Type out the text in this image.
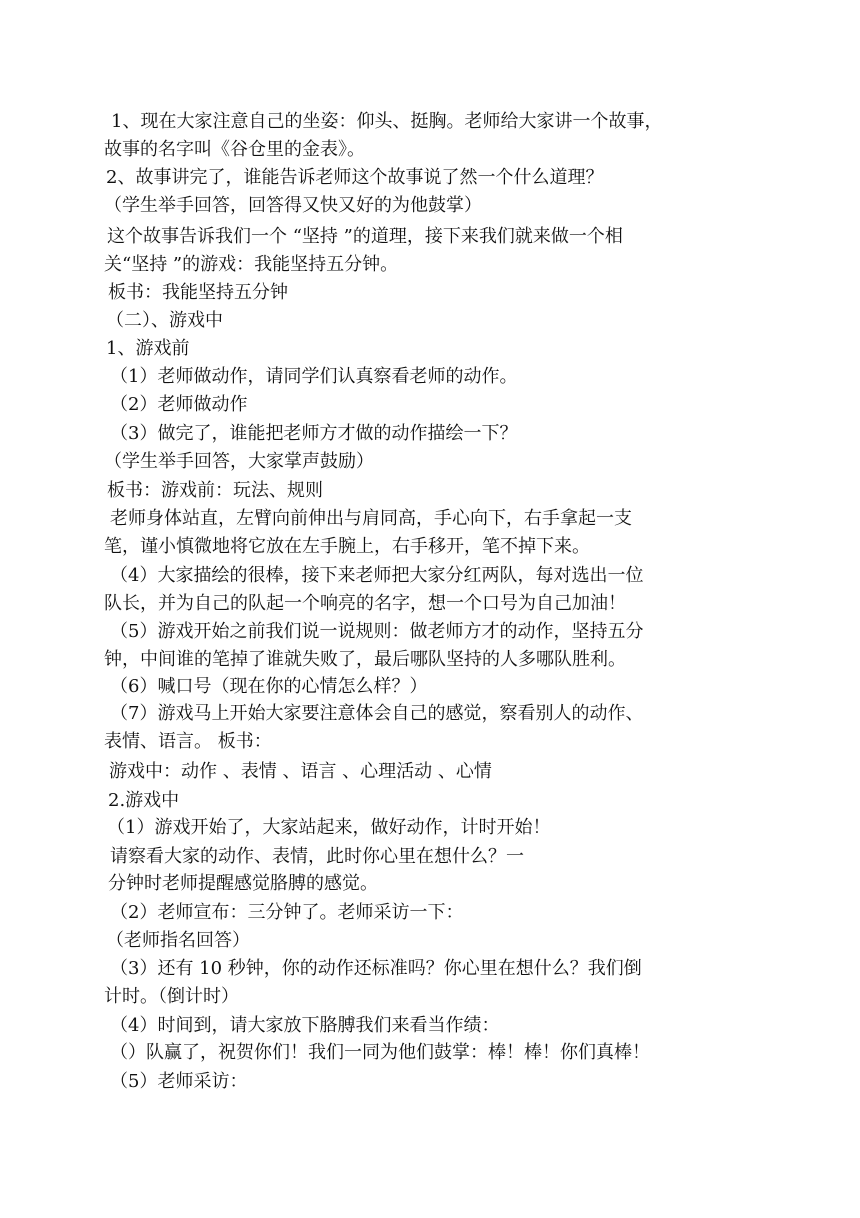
1、现在大家注意自己的坐姿：仰头、挺胸。老师给大家讲一个故事，
故事的名字叫《谷仓里的金表》。
2、故事讲完了，谁能告诉老师这个故事说了然一个什么道理？
（学生举手回答，回答得又快又好的为他鼓掌）
这个故事告诉我们一个 “坚持 ”的道理，接下来我们就来做一个相
关“坚持 ”的游戏：我能坚持五分钟。
板书：我能坚持五分钟
（二）、游戏中
1、游戏前
（1）老师做动作，请同学们认真察看老师的动作。
（2）老师做动作
（3）做完了，谁能把老师方才做的动作描绘一下？
（学生举手回答，大家掌声鼓励）
板书：游戏前：玩法、规则
老师身体站直，左臂向前伸出与肩同高，手心向下，右手拿起一支
笔，谨小慎微地将它放在左手腕上，右手移开，笔不掉下来。
（4）大家描绘的很棒，接下来老师把大家分红两队，每对选出一位
队长，并为自己的队起一个响亮的名字，想一个口号为自己加油！
（5）游戏开始之前我们说一说规则：做老师方才的动作，坚持五分
钟，中间谁的笔掉了谁就失败了，最后哪队坚持的人多哪队胜利。
（6）喊口号（现在你的心情怎么样？）
（7）游戏马上开始大家要注意体会自己的感觉，察看别人的动作、
表情、语言。 板书：
游戏中：动作 、表情 、语言 、心理活动 、心情
2.游戏中
（1）游戏开始了，大家站起来，做好动作，计时开始！
请察看大家的动作、表情，此时你心里在想什么？一
分钟时老师提醒感觉胳膊的感觉。
（2）老师宣布：三分钟了。老师采访一下：
（老师指名回答）
（3）还有 10 秒钟，你的动作还标准吗？你心里在想什么？我们倒
计时。（倒计时）
（4）时间到，请大家放下胳膊我们来看当作绩：
（）队赢了，祝贺你们！我们一同为他们鼓掌：棒！棒！你们真棒！
（5）老师采访：
